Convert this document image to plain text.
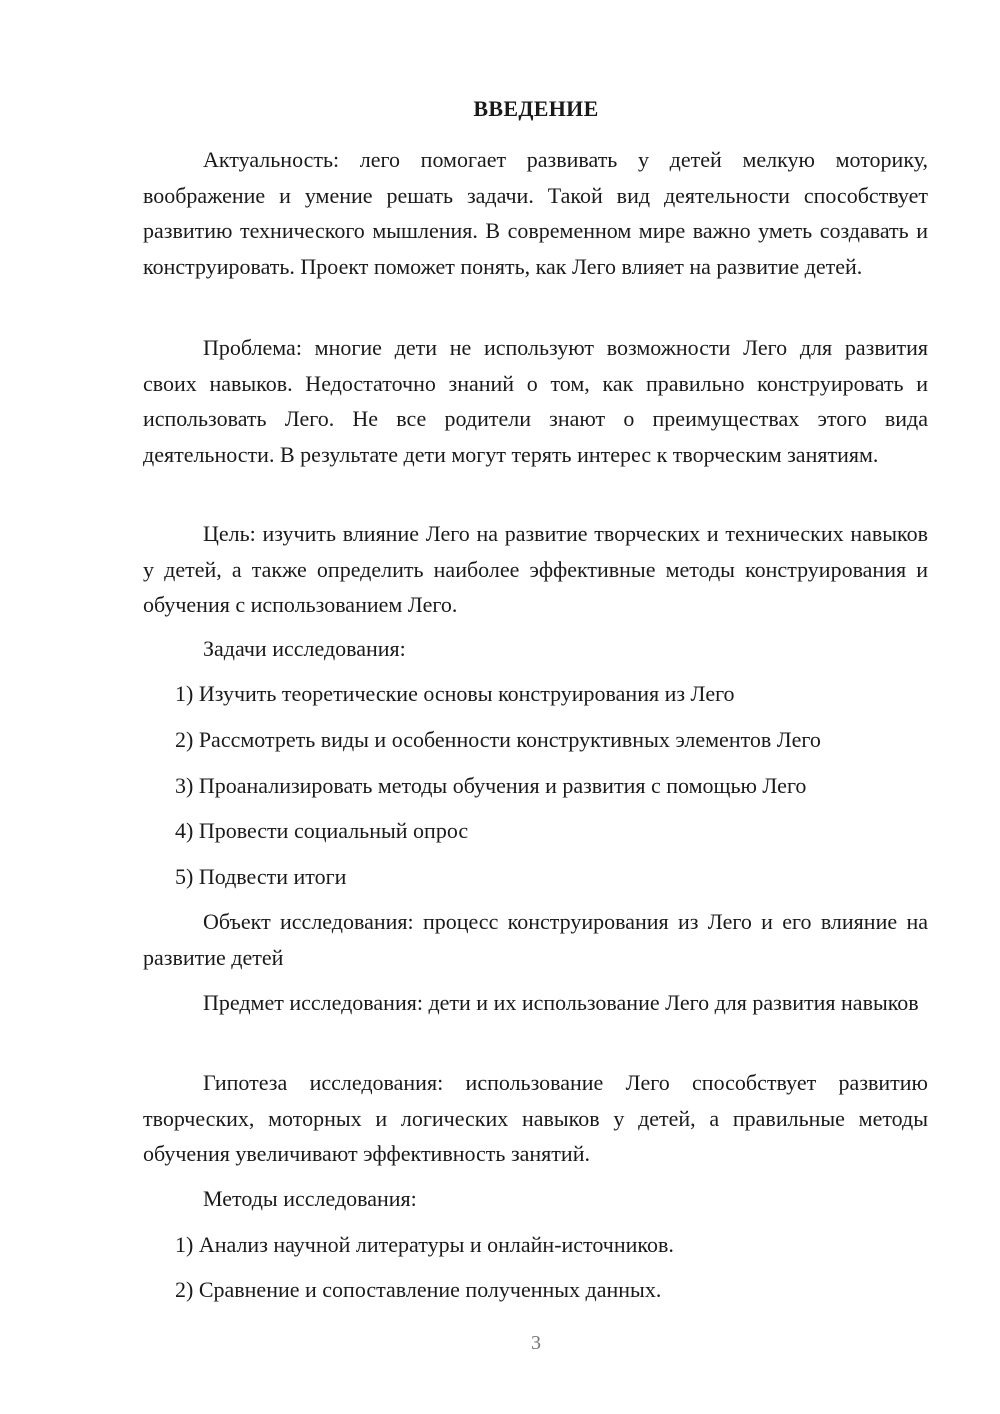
ВВЕДЕНИЕ

Актуальность: лего помогает развивать у детей мелкую моторику, воображение и умение решать задачи. Такой вид деятельности способствует развитию технического мышления. В современном мире важно уметь создавать и конструировать. Проект поможет понять, как Лего влияет на развитие детей.

Проблема: многие дети не используют возможности Лего для развития своих навыков. Недостаточно знаний о том, как правильно конструировать и использовать Лего. Не все родители знают о преимуществах этого вида деятельности. В результате дети могут терять интерес к творческим занятиям.

Цель: изучить влияние Лего на развитие творческих и технических навыков у детей, а также определить наиболее эффективные методы конструирования и обучения с использованием Лего.

Задачи исследования:

1) Изучить теоретические основы конструирования из Лего

2) Рассмотреть виды и особенности конструктивных элементов Лего

3) Проанализировать методы обучения и развития с помощью Лего

4) Провести социальный опрос

5) Подвести итоги

Объект исследования: процесс конструирования из Лего и его влияние на развитие детей

Предмет исследования: дети и их использование Лего для развития навыков

Гипотеза исследования: использование Лего способствует развитию творческих, моторных и логических навыков у детей, а правильные методы обучения увеличивают эффективность занятий.

Методы исследования:

1) Анализ научной литературы и онлайн-источников.

2) Сравнение и сопоставление полученных данных.

3
